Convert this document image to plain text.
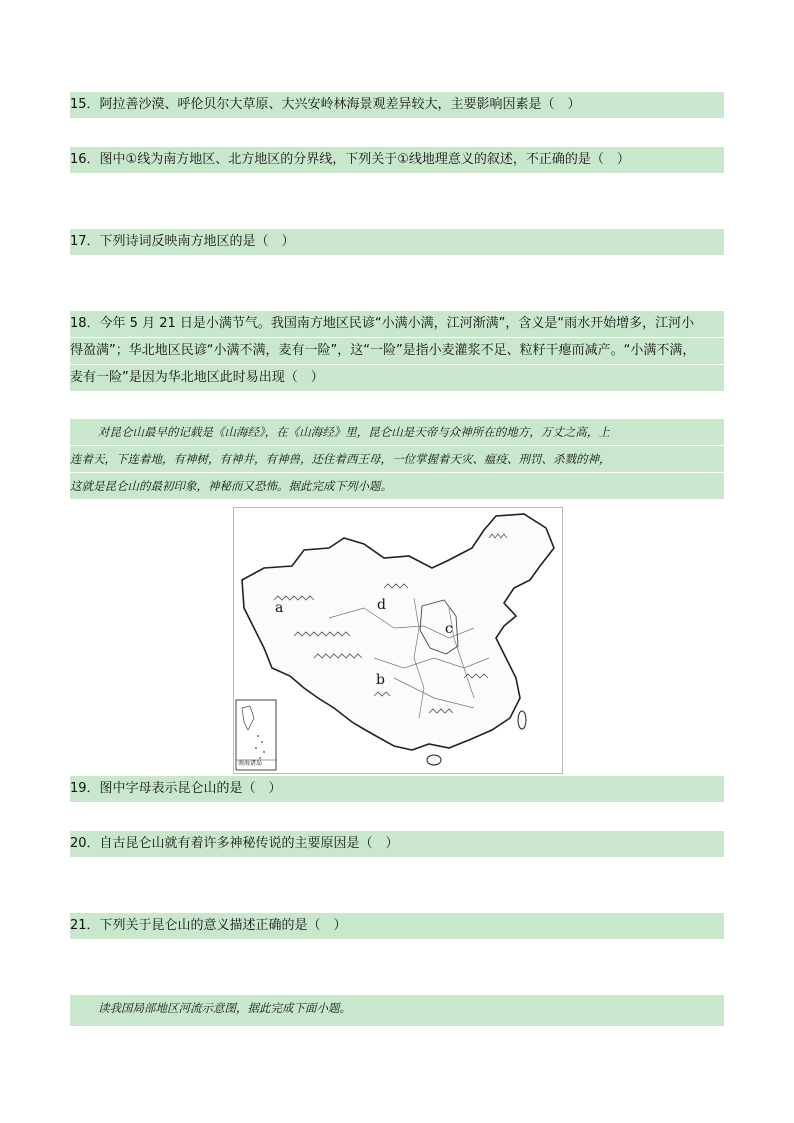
15．阿拉善沙漠、呼伦贝尔大草原、大兴安岭林海景观差异较大，主要影响因素是（　）
16．图中①线为南方地区、北方地区的分界线，下列关于①线地理意义的叙述，不正确的是（　）
17．下列诗词反映南方地区的是（　）
18．今年 5 月 21 日是小满节气。我国南方地区民谚“小满小满，江河渐满”，含义是“雨水开始增多，江河小
得盈满”；华北地区民谚“小满不满，麦有一险”，这“一险”是指小麦灌浆不足、粒籽干瘪而减产。“小满不满，
麦有一险”是因为华北地区此时易出现（　）
对昆仑山最早的记载是《山海经》，在《山海经》里，昆仑山是天帝与众神所在的地方，万丈之高，上
连着天，下连着地，有神树，有神井，有神兽，还住着西王母，一位掌握着天灾、瘟疫、刑罚、杀戮的神，
这就是昆仑山的最初印象，神秘而又恐怖。据此完成下列小题。
a
b
c
d
南海诸岛
19．图中字母表示昆仑山的是（　）
20．自古昆仑山就有着许多神秘传说的主要原因是（　）
21．下列关于昆仑山的意义描述正确的是（　）
读我国局部地区河流示意图，据此完成下面小题。
